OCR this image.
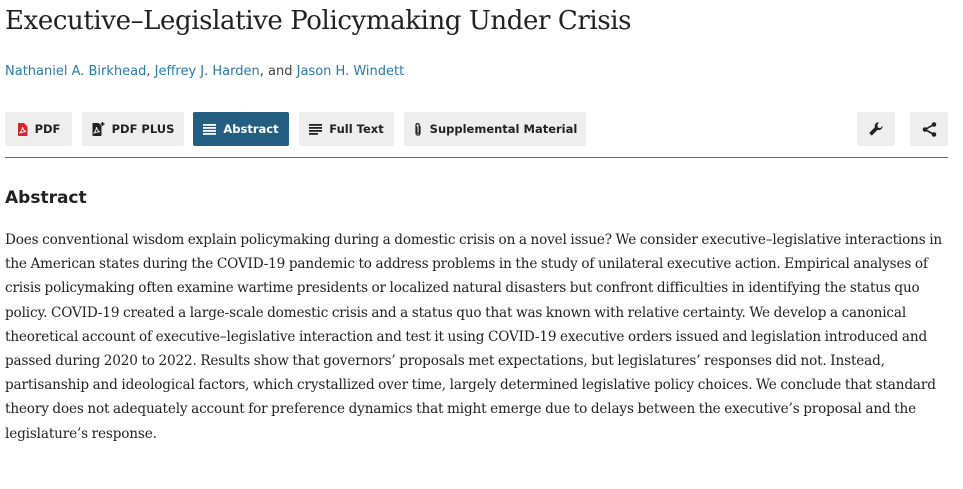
Executive–Legislative Policymaking Under Crisis
Nathaniel A. Birkhead, Jeffrey J. Harden, and Jason H. Windett
PDF	PDF PLUS	Abstract	Full Text	Supplemental Material
Abstract

Does conventional wisdom explain policymaking during a domestic crisis on a novel issue? We consider executive–legislative interactions in the American states during the COVID-19 pandemic to address problems in the study of unilateral executive action. Empirical analyses of crisis policymaking often examine wartime presidents or localized natural disasters but confront difficulties in identifying the status quo policy. COVID-19 created a large-scale domestic crisis and a status quo that was known with relative certainty. We develop a canonical theoretical account of executive–legislative interaction and test it using COVID-19 executive orders issued and legislation introduced and passed during 2020 to 2022. Results show that governors’ proposals met expectations, but legislatures’ responses did not. Instead, partisanship and ideological factors, which crystallized over time, largely determined legislative policy choices. We conclude that standard theory does not adequately account for preference dynamics that might emerge due to delays between the executive’s proposal and the legislature’s response.
